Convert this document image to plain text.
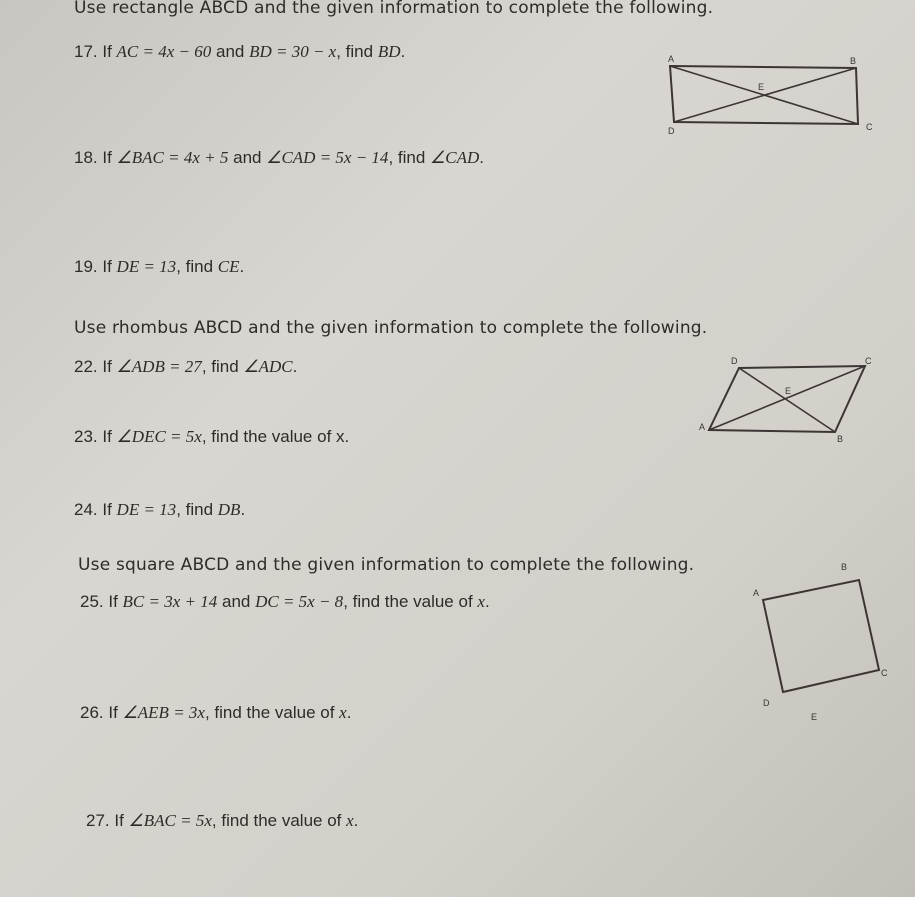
Use rectangle ABCD and the given information to complete the following.
17. If AC = 4x − 60 and BD = 30 − x, find BD.
18. If ∠BAC = 4x + 5 and ∠CAD = 5x − 14, find ∠CAD.
19. If DE = 13, find CE.
A	B
E
D	C
Use rhombus ABCD and the given information to complete the following.
22. If ∠ADB = 27, find ∠ADC.
23. If ∠DEC = 5x, find the value of x.
24. If DE = 13, find DB.
D	C
E
A
B
Use square ABCD and the given information to complete the following.
25. If BC = 3x + 14 and DC = 5x − 8, find the value of x.
26. If ∠AEB = 3x, find the value of x.
27. If ∠BAC = 5x, find the value of x.
B
A
C
D
E
